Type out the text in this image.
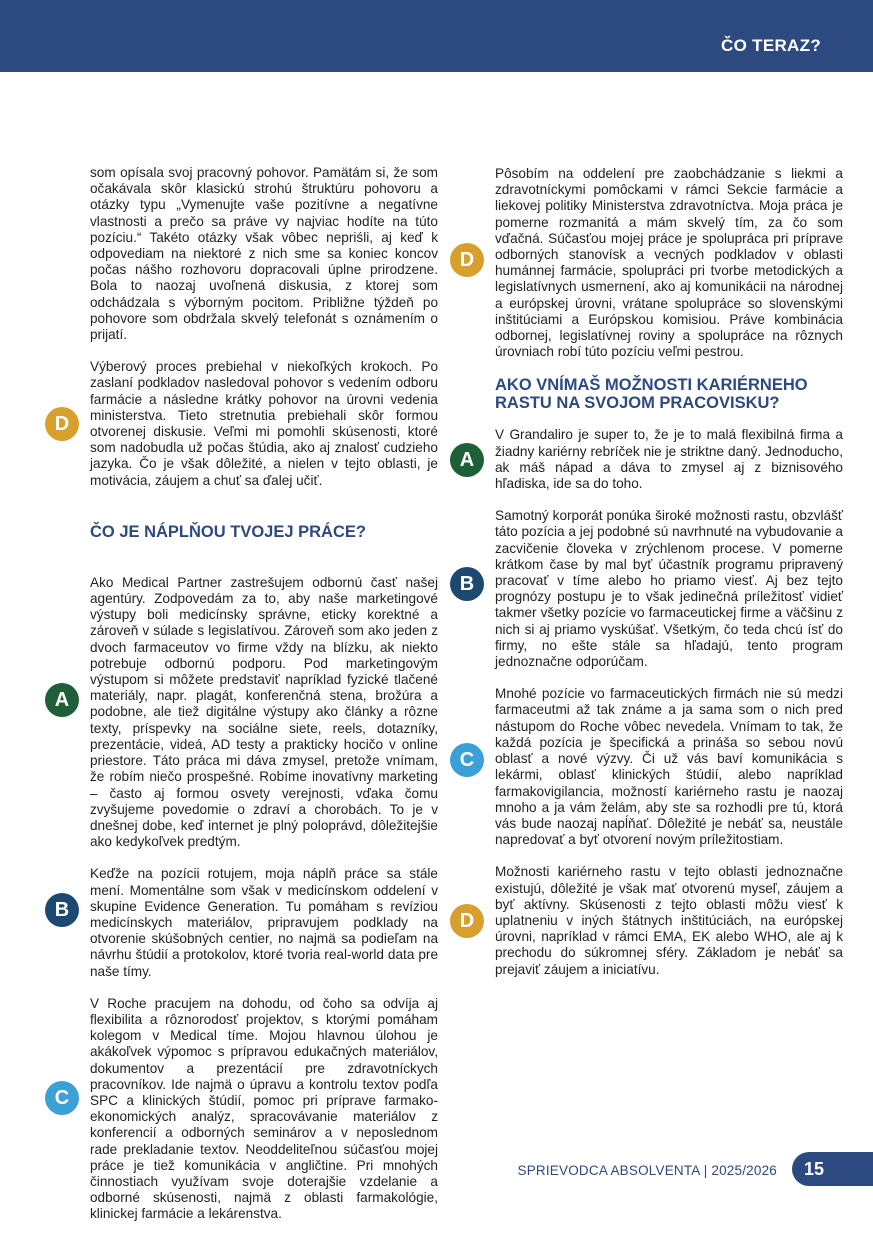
ČO TERAZ?

som opísala svoj pracovný pohovor. Pamätám si, že som očakávala skôr klasickú strohú štruktúru pohovoru a otázky typu „Vymenujte vaše pozitívne a negatívne vlastnosti a prečo sa práve vy najviac hodíte na túto pozíciu.“ Takéto otázky však vôbec nepriśli, aj keď k odpovediam na niektoré z nich sme sa koniec koncov počas nášho rozhovoru dopracovali úplne prirodzene. Bola to naozaj uvoľnená diskusia, z ktorej som odchádzala s výborným pocitom. Približne týždeň po pohovore som obdržala skvelý telefonát s oznámením o prijatí.

D

Výberový proces prebiehal v niekoľkých krokoch. Po zaslaní podkladov nasledoval pohovor s vedením odboru farmácie a následne krátky pohovor na úrovni vedenia ministerstva. Tieto stretnutia prebiehali skôr formou otvorenej diskusie. Veľmi mi pomohli skúsenosti, ktoré som nadobudla už počas štúdia, ako aj znalosť cudzieho jazyka. Čo je však dôležité, a nielen v tejto oblasti, je motivácia, záujem a chuť sa ďalej učiť.

ČO JE NÁPLŇOU TVOJEJ PRÁCE?
A

Ako Medical Partner zastrešujem odbornú časť našej agentúry. Zodpovedám za to, aby naše marketingové výstupy boli medicínsky správne, eticky korektné a zároveň v súlade s legislatívou. Zároveň som ako jeden z dvoch farmaceutov vo firme vždy na blízku, ak niekto potrebuje odbornú podporu. Pod marketingovým výstupom si môžete predstaviť napríklad fyzické tlačené materiály, napr. plagát, konferenčná stena, brožúra a podobne, ale tiež digitálne výstupy ako články a rôzne texty, príspevky na sociálne siete, reels, dotazníky, prezentácie, videá, AD testy a prakticky hocičo v online priestore. Táto práca mi dáva zmysel, pretože vnímam, že robím niečo prospešné. Robíme inovatívny marketing – často aj formou osvety verejnosti, vďaka čomu zvyšujeme povedomie o zdraví a chorobách. To je v dnešnej dobe, keď internet je plný poloprávd, dôležitejšie ako kedykoľvek predtým.

B

Keďže na pozícii rotujem, moja náplň práce sa stále mení. Momentálne som však v medicínskom oddelení v skupine Evidence Generation. Tu pomáham s revíziou medicínskych materiálov, pripravujem podklady na otvorenie skúšobných centier, no najmä sa podieľam na návrhu štúdií a protokolov, ktoré tvoria real-world data pre naše tímy.

C

V Roche pracujem na dohodu, od čoho sa odvíja aj flexibilita a rôznorodosť projektov, s ktorými pomáham kolegom v Medical tíme. Mojou hlavnou úlohou je akákoľvek výpomoc s prípravou edukačných materiálov, dokumentov a prezentácií pre zdravotníckych pracovníkov. Ide najmä o úpravu a kontrolu textov podľa SPC a klinických štúdií, pomoc pri príprave farmako-ekonomických analýz, spracovávanie materiálov z konferencií a odborných seminárov a v neposlednom rade prekladanie textov. Neoddeliteľnou súčasťou mojej práce je tiež komunikácia v angličtine. Pri mnohých činnostiach využívam svoje doterajšie vzdelanie a odborné skúsenosti, najmä z oblasti farmakológie, klinickej farmácie a lekárenstva.

D

Pôsobím na oddelení pre zaobchádzanie s liekmi a zdravotníckymi pomôckami v rámci Sekcie farmácie a liekovej politiky Ministerstva zdravotníctva. Moja práca je pomerne rozmanitá a mám skvelý tím, za čo som vďačná. Súčasťou mojej práce je spolupráca pri príprave odborných stanovísk a vecných podkladov v oblasti humánnej farmácie, spolupráci pri tvorbe metodických a legislatívnych usmernení, ako aj komunikácii na národnej a európskej úrovni, vrátane spolupráce so slovenskými inštitúciami a Európskou komisiou. Práve kombinácia odbornej, legislatívnej roviny a spolupráce na rôznych úrovniach robí túto pozíciu veľmi pestrou.

AKO VNÍMAŠ MOŽNOSTI KARIÉRNEHO RASTU NA SVOJOM PRACOVISKU?
A

V Grandaliro je super to, že je to malá flexibilná firma a žiadny kariérny rebríček nie je striktne daný. Jednoducho, ak máš nápad a dáva to zmysel aj z biznisového hľadiska, ide sa do toho.

B

Samotný korporát ponúka široké možnosti rastu, obzvlášť táto pozícia a jej podobné sú navrhnuté na vybudovanie a zacvičenie človeka v zrýchlenom procese. V pomerne krátkom čase by mal byť účastník programu pripravený pracovať v tíme alebo ho priamo viesť. Aj bez tejto prognózy postupu je to však jedinečná príležitosť vidieť takmer všetky pozície vo farmaceutickej firme a väčšinu z nich si aj priamo vyskúšať. Všetkým, čo teda chcú ísť do firmy, no ešte stále sa hľadajú, tento program jednoznačne odporúčam.

C

Mnohé pozície vo farmaceutických firmách nie sú medzi farmaceutmi až tak známe a ja sama som o nich pred nástupom do Roche vôbec nevedela. Vnímam to tak, že každá pozícia je špecifická a prináša so sebou novú oblasť a nové výzvy. Či už vás baví komunikácia s lekármi, oblasť klinických štúdií, alebo napríklad farmakovigilancia, možností kariérneho rastu je naozaj mnoho a ja vám želám, aby ste sa rozhodli pre tú, ktorá vás bude naozaj napĺňať. Dôležité je nebáť sa, neustále napredovať a byť otvorení novým príležitostiam.

D

Možnosti kariérneho rastu v tejto oblasti jednoznačne existujú, dôležité je však mať otvorenú myseľ, záujem a byť aktívny. Skúsenosti z tejto oblasti môžu viesť k uplatneniu v iných štátnych inštitúciách, na európskej úrovni, napríklad v rámci EMA, EK alebo WHO, ale aj k prechodu do súkromnej sféry. Základom je nebáť sa prejaviť záujem a iniciatívu.

SPRIEVODCA ABSOLVENTA | 2025/2026	15
